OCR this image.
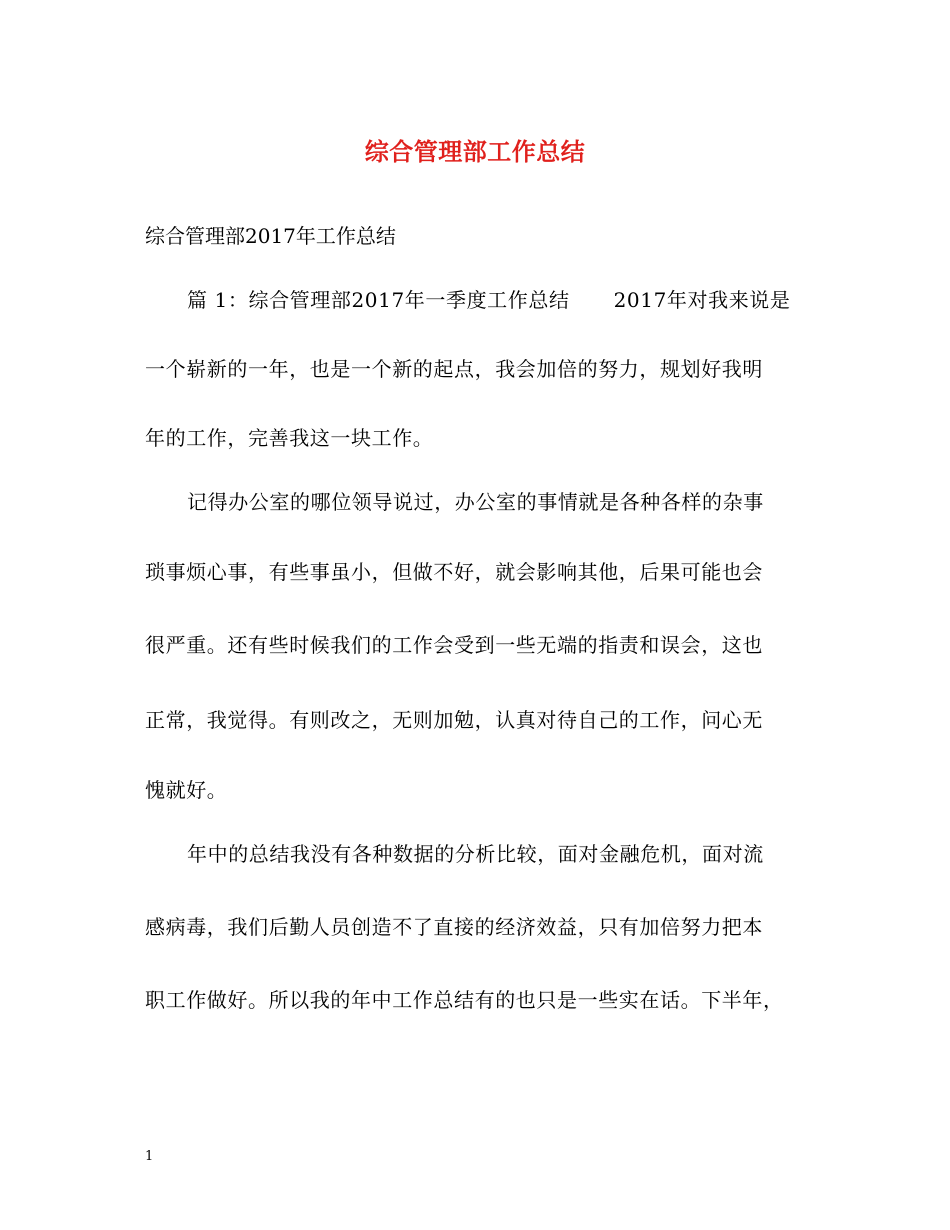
综合管理部工作总结
综合管理部2017年工作总结
篇 1：综合管理部2017年一季度工作总结 2017年对我来说是
一个崭新的一年，也是一个新的起点，我会加倍的努力，规划好我明
年的工作，完善我这一块工作。
记得办公室的哪位领导说过，办公室的事情就是各种各样的杂事
琐事烦心事，有些事虽小，但做不好，就会影响其他，后果可能也会
很严重。还有些时候我们的工作会受到一些无端的指责和误会，这也
正常，我觉得。有则改之，无则加勉，认真对待自己的工作，问心无
愧就好。
年中的总结我没有各种数据的分析比较，面对金融危机，面对流
感病毒，我们后勤人员创造不了直接的经济效益，只有加倍努力把本
职工作做好。所以我的年中工作总结有的也只是一些实在话。下半年，
1
